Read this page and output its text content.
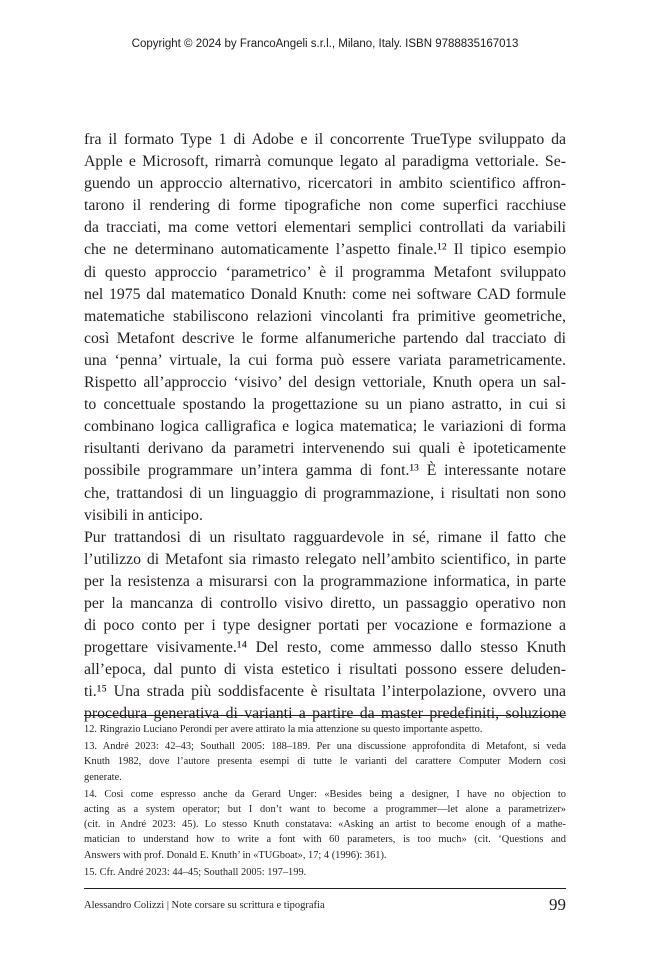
Copyright © 2024 by FrancoAngeli s.r.l., Milano, Italy. ISBN 9788835167013
fra il formato Type 1 di Adobe e il concorrente TrueType sviluppato da
Apple e Microsoft, rimarrà comunque legato al paradigma vettoriale. Se-
guendo un approccio alternativo, ricercatori in ambito scientifico affron-
tarono il rendering di forme tipografiche non come superfici racchiuse
da tracciati, ma come vettori elementari semplici controllati da variabili
che ne determinano automaticamente l’aspetto finale.¹² Il tipico esempio
di questo approccio ‘parametrico’ è il programma Metafont sviluppato
nel 1975 dal matematico Donald Knuth: come nei software CAD formule
matematiche stabiliscono relazioni vincolanti fra primitive geometriche,
così Metafont descrive le forme alfanumeriche partendo dal tracciato di
una ‘penna’ virtuale, la cui forma può essere variata parametricamente.
Rispetto all’approccio ‘visivo’ del design vettoriale, Knuth opera un sal-
to concettuale spostando la progettazione su un piano astratto, in cui si
combinano logica calligrafica e logica matematica; le variazioni di forma
risultanti derivano da parametri intervenendo sui quali è ipoteticamente
possibile programmare un’intera gamma di font.¹³ È interessante notare
che, trattandosi di un linguaggio di programmazione, i risultati non sono
visibili in anticipo.
Pur trattandosi di un risultato ragguardevole in sé, rimane il fatto che
l’utilizzo di Metafont sia rimasto relegato nell’ambito scientifico, in parte
per la resistenza a misurarsi con la programmazione informatica, in parte
per la mancanza di controllo visivo diretto, un passaggio operativo non
di poco conto per i type designer portati per vocazione e formazione a
progettare visivamente.¹⁴ Del resto, come ammesso dallo stesso Knuth
all’epoca, dal punto di vista estetico i risultati possono essere deluden-
ti.¹⁵ Una strada più soddisfacente è risultata l’interpolazione, ovvero una
procedura generativa di varianti a partire da master predefiniti, soluzione
12. Ringrazio Luciano Perondi per avere attirato la mia attenzione su questo importante aspetto.
13. André 2023: 42–43; Southall 2005: 188–189. Per una discussione approfondita di Metafont, si veda
Knuth 1982, dove l’autore presenta esempi di tutte le varianti del carattere Computer Modern così
generate.
14. Così come espresso anche da Gerard Unger: «Besides being a designer, I have no objection to
acting as a system operator; but I don’t want to become a programmer—let alone a parametrizer»
(cit. in André 2023: 45). Lo stesso Knuth constatava: «Asking an artist to become enough of a mathe-
matician to understand how to write a font with 60 parameters, is too much» (cit. ‘Questions and
Answers with prof. Donald E. Knuth’ in «TUGboat», 17; 4 (1996): 361).
15. Cfr. André 2023: 44–45; Southall 2005: 197–199.
Alessandro Colizzi | Note corsare su scrittura e tipografia	99
